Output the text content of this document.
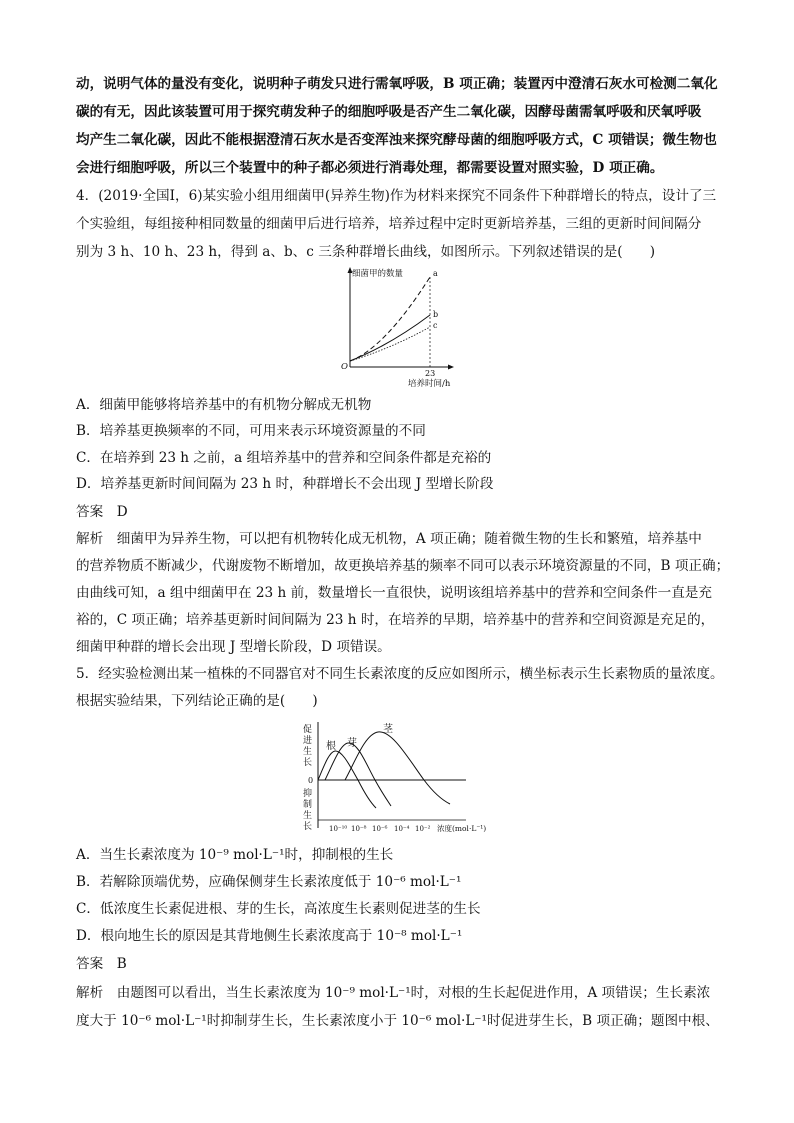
动，说明气体的量没有变化，说明种子萌发只进行需氧呼吸，B 项正确；装置丙中澄清石灰水可检测二氧化
碳的有无，因此该装置可用于探究萌发种子的细胞呼吸是否产生二氧化碳，因酵母菌需氧呼吸和厌氧呼吸
均产生二氧化碳，因此不能根据澄清石灰水是否变浑浊来探究酵母菌的细胞呼吸方式，C 项错误；微生物也
会进行细胞呼吸，所以三个装置中的种子都必须进行消毒处理，都需要设置对照实验，D 项正确。
4．(2019·全国Ⅰ，6)某实验小组用细菌甲(异养生物)作为材料来探究不同条件下种群增长的特点，设计了三
个实验组，每组接种相同数量的细菌甲后进行培养，培养过程中定时更新培养基，三组的更新时间间隔分
别为 3 h、10 h、23 h，得到 a、b、c 三条种群增长曲线，如图所示。下列叙述错误的是(　　)
细菌甲的数量	a
b
c
O
23
培养时间/h
A．细菌甲能够将培养基中的有机物分解成无机物
B．培养基更换频率的不同，可用来表示环境资源量的不同
C．在培养到 23 h 之前，a 组培养基中的营养和空间条件都是充裕的
D．培养基更新时间间隔为 23 h 时，种群增长不会出现 J 型增长阶段
答案　D
解析　细菌甲为异养生物，可以把有机物转化成无机物，A 项正确；随着微生物的生长和繁殖，培养基中
的营养物质不断减少，代谢废物不断增加，故更换培养基的频率不同可以表示环境资源量的不同，B 项正确；
由曲线可知，a 组中细菌甲在 23 h 前，数量增长一直很快，说明该组培养基中的营养和空间条件一直是充
裕的，C 项正确；培养基更新时间间隔为 23 h 时，在培养的早期，培养基中的营养和空间资源是充足的，
细菌甲种群的增长会出现 J 型增长阶段，D 项错误。
5．经实验检测出某一植株的不同器官对不同生长素浓度的反应如图所示，横坐标表示生长素物质的量浓度。
根据实验结果，下列结论正确的是(　　)
促
进
生
长
0
抑
制
生
长
根 芽
茎
10⁻¹⁰ 10⁻⁸ 10⁻⁶ 10⁻⁴ 10⁻² 浓度(mol·L⁻¹)
A．当生长素浓度为 10⁻⁹ mol·L⁻¹时，抑制根的生长
B．若解除顶端优势，应确保侧芽生长素浓度低于 10⁻⁶ mol·L⁻¹
C．低浓度生长素促进根、芽的生长，高浓度生长素则促进茎的生长
D．根向地生长的原因是其背地侧生长素浓度高于 10⁻⁸ mol·L⁻¹
答案　B
解析　由题图可以看出，当生长素浓度为 10⁻⁹ mol·L⁻¹时，对根的生长起促进作用，A 项错误；生长素浓
度大于 10⁻⁶ mol·L⁻¹时抑制芽生长，生长素浓度小于 10⁻⁶ mol·L⁻¹时促进芽生长，B 项正确；题图中根、
